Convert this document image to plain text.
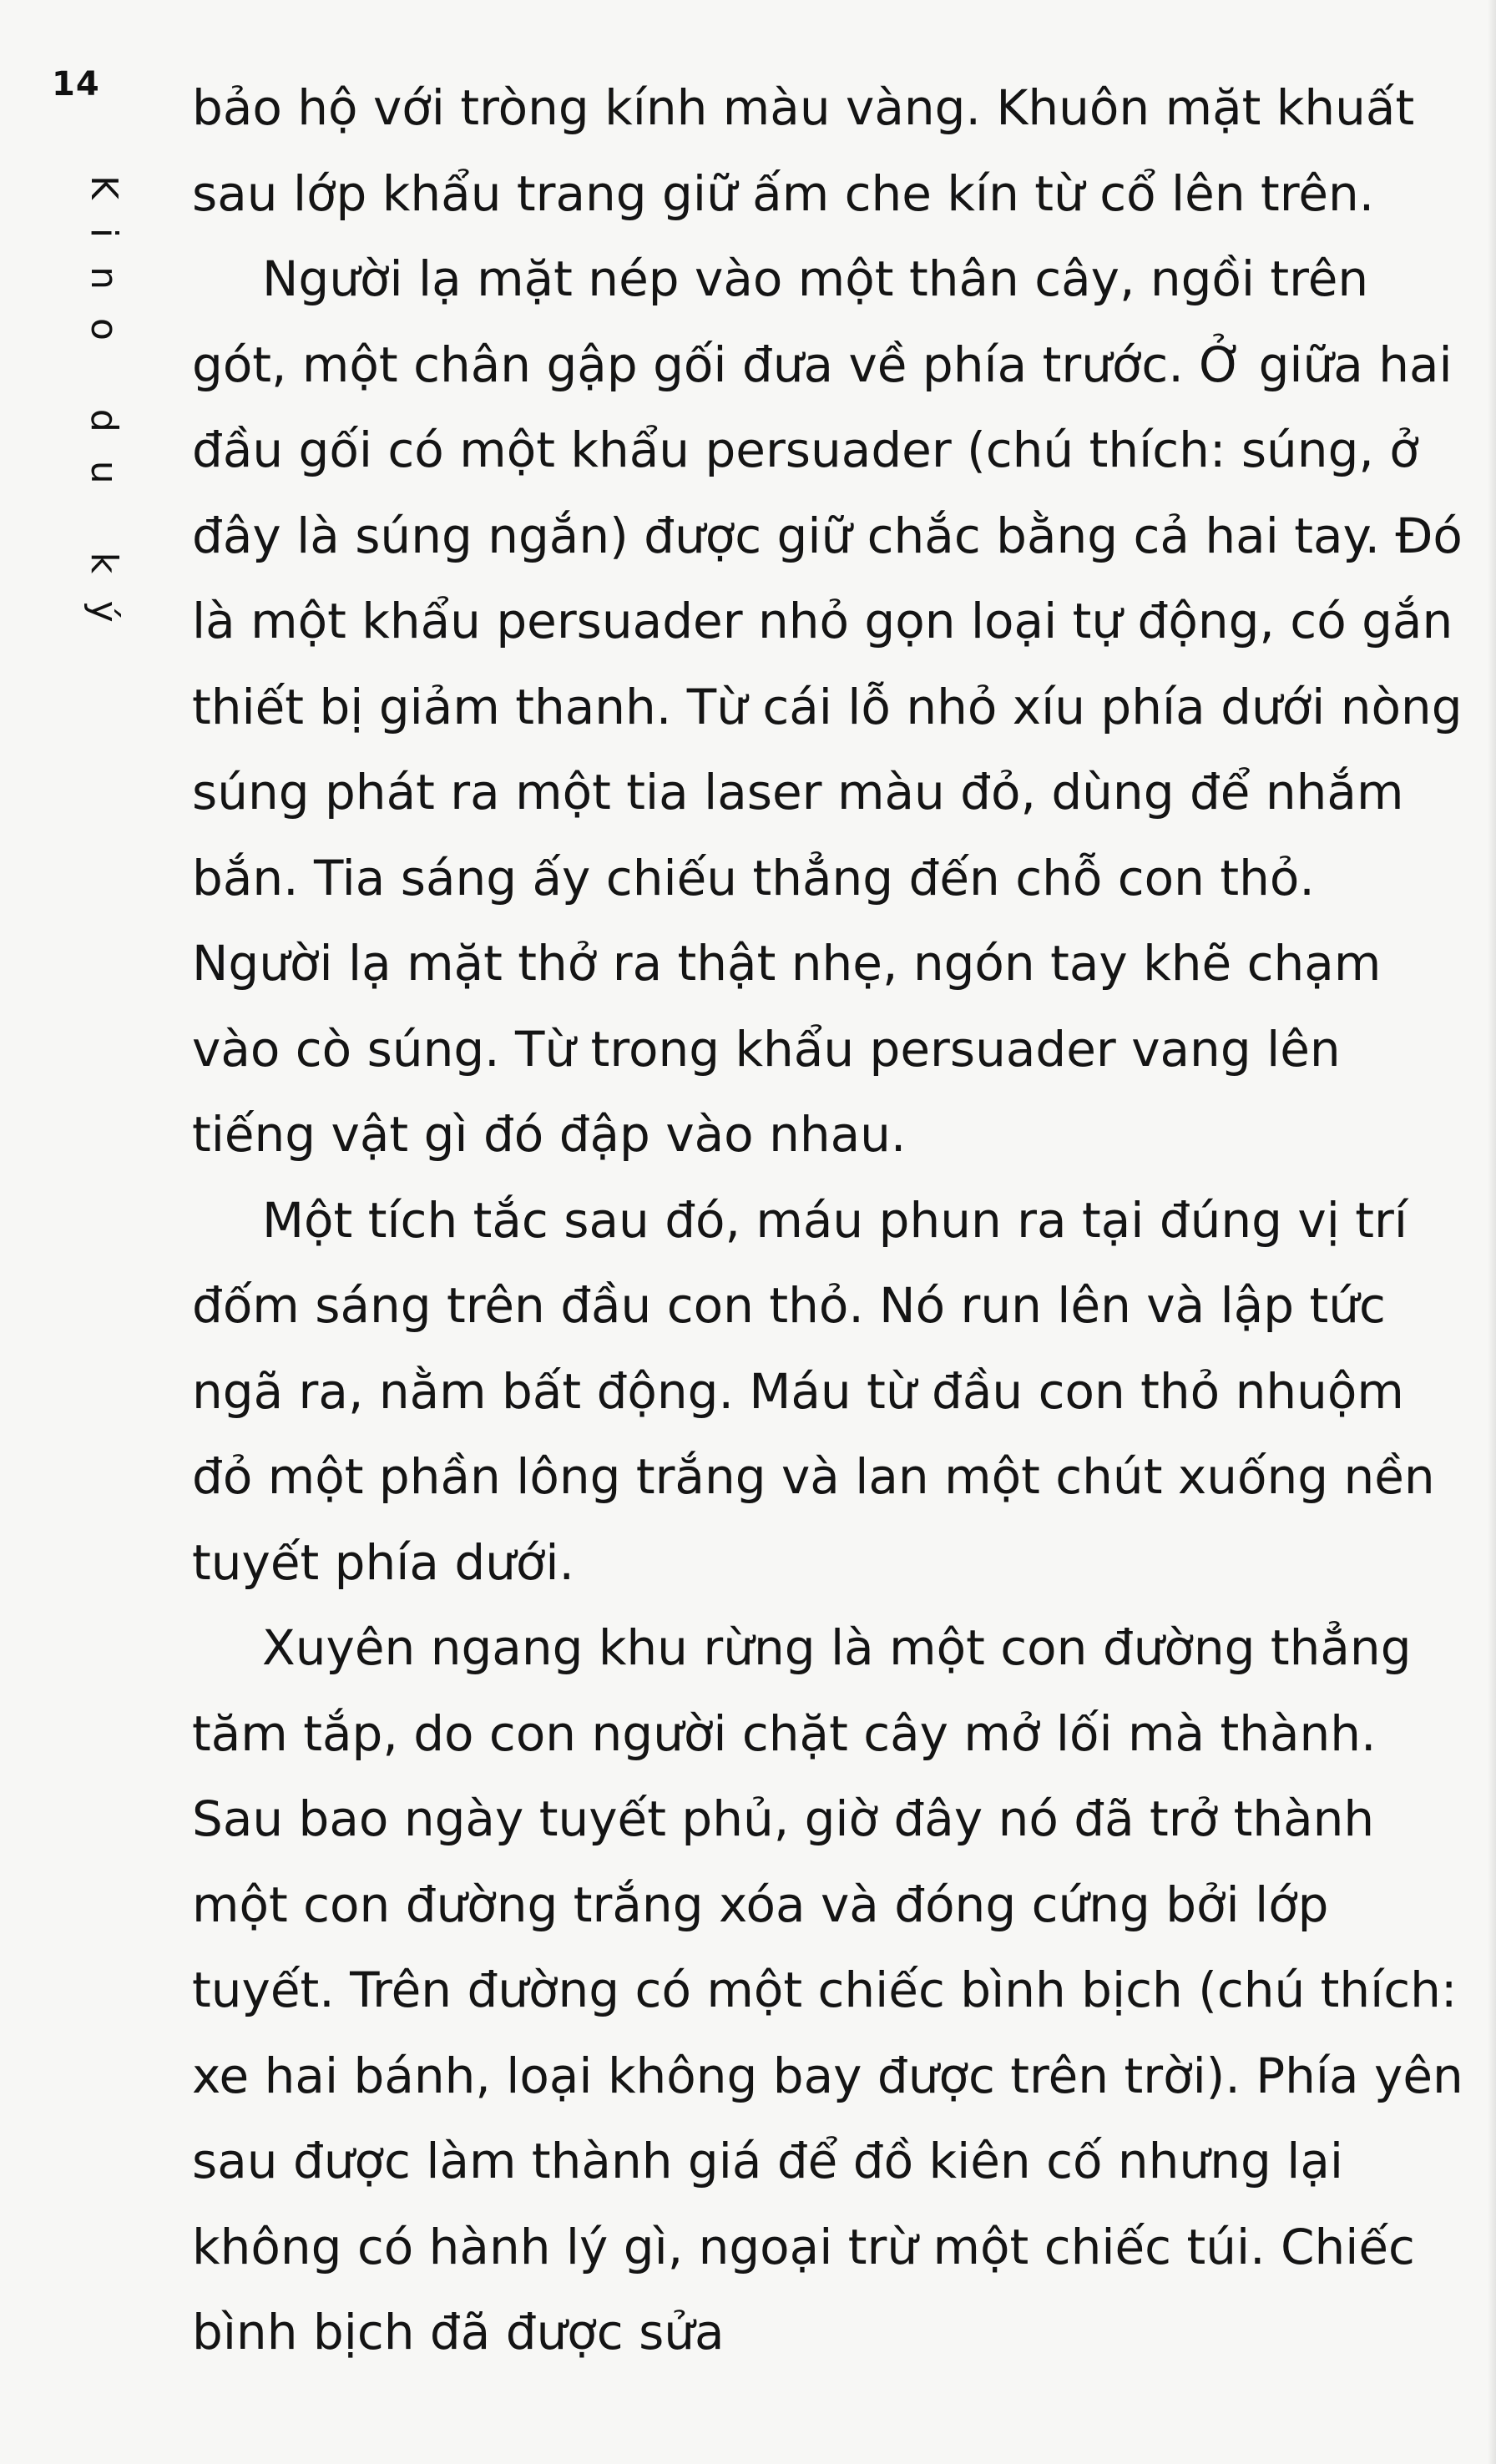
14
Kino du ký

bảo hộ với tròng kính màu vàng. Khuôn mặt khuất sau lớp khẩu trang giữ ấm che kín từ cổ lên trên.

Người lạ mặt nép vào một thân cây, ngồi trên gót, một chân gập gối đưa về phía trước. Ở giữa hai đầu gối có một khẩu persuader (chú thích: súng, ở đây là súng ngắn) được giữ chắc bằng cả hai tay. Đó là một khẩu persuader nhỏ gọn loại tự động, có gắn thiết bị giảm thanh. Từ cái lỗ nhỏ xíu phía dưới nòng súng phát ra một tia laser màu đỏ, dùng để nhắm bắn. Tia sáng ấy chiếu thẳng đến chỗ con thỏ. Người lạ mặt thở ra thật nhẹ, ngón tay khẽ chạm vào cò súng. Từ trong khẩu persuader vang lên tiếng vật gì đó đập vào nhau.

Một tích tắc sau đó, máu phun ra tại đúng vị trí đốm sáng trên đầu con thỏ. Nó run lên và lập tức ngã ra, nằm bất động. Máu từ đầu con thỏ nhuộm đỏ một phần lông trắng và lan một chút xuống nền tuyết phía dưới.

Xuyên ngang khu rừng là một con đường thẳng tăm tắp, do con người chặt cây mở lối mà thành. Sau bao ngày tuyết phủ, giờ đây nó đã trở thành một con đường trắng xóa và đóng cứng bởi lớp tuyết. Trên đường có một chiếc bình bịch (chú thích: xe hai bánh, loại không bay được trên trời). Phía yên sau được làm thành giá để đồ kiên cố nhưng lại không có hành lý gì, ngoại trừ một chiếc túi. Chiếc bình bịch đã được sửa
